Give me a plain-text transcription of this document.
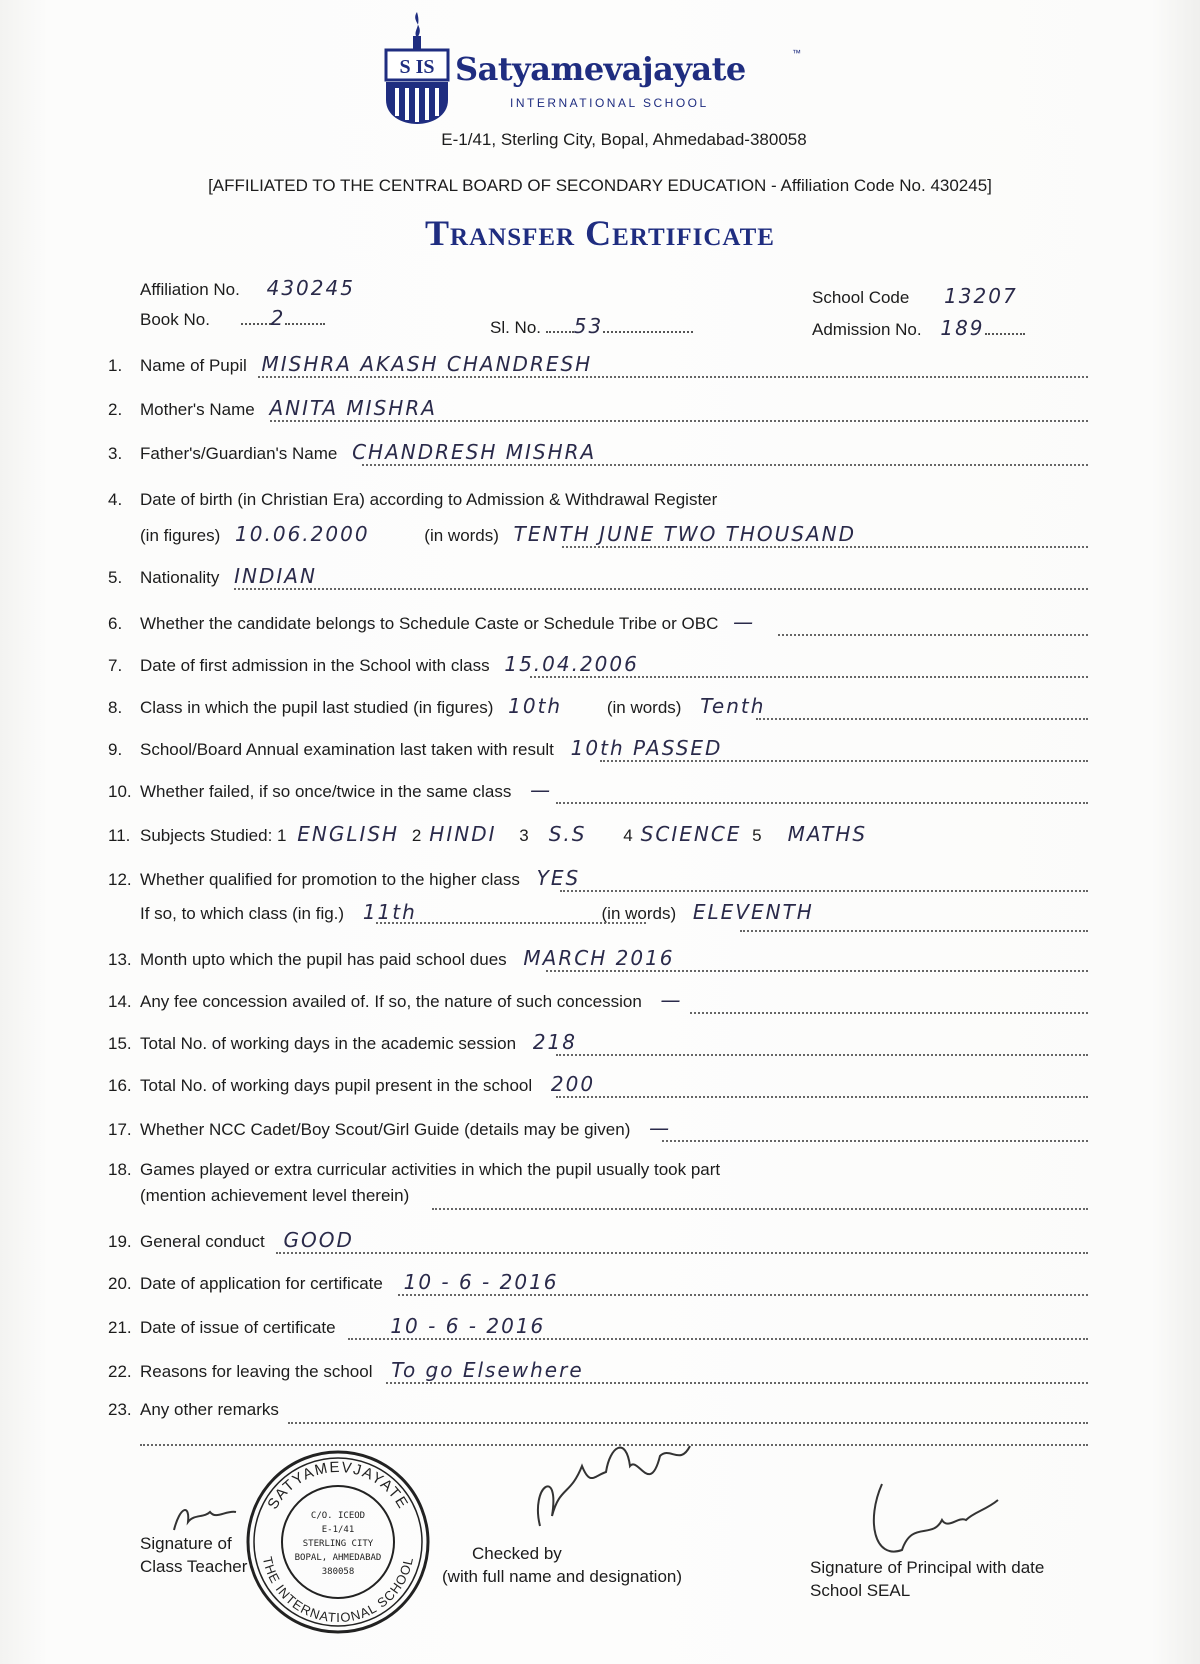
S IS Satyamevajayate	™
INTERNATIONAL SCHOOL
E-1/41, Sterling City, Bopal, Ahmedabad-380058
[AFFILIATED TO THE CENTRAL BOARD OF SECONDARY EDUCATION - Affiliation Code No. 430245]
Transfer Certificate
Affiliation No. 430245
Book No.	2	Sl. No. 53
School Code 13207
Admission No. 189
1. Name of Pupil MISHRA AKASH CHANDRESH
2. Mother's Name ANITA MISHRA
3. Father's/Guardian's Name CHANDRESH MISHRA
4. Date of birth (in Christian Era) according to Admission & Withdrawal Register
(in figures) 10.06.2000	(in words) TENTH JUNE TWO THOUSAND
5. Nationality INDIAN
6. Whether the candidate belongs to Schedule Caste or Schedule Tribe or OBC —
7. Date of first admission in the School with class 15.04.2006
8. Class in which the pupil last studied (in figures) 10th	(in words) Tenth
9. School/Board Annual examination last taken with result 10th PASSED
10. Whether failed, if so once/twice in the same class —
11. Subjects Studied: 1 ENGLISH 2 HINDI 3 S.S 4 SCIENCE 5 MATHS
12. Whether qualified for promotion to the higher class YES
If so, to which class (in fig.) 11th	(in words) ELEVENTH
13. Month upto which the pupil has paid school dues MARCH 2016
14. Any fee concession availed of. If so, the nature of such concession —
15. Total No. of working days in the academic session 218
16. Total No. of working days pupil present in the school 200
17. Whether NCC Cadet/Boy Scout/Girl Guide (details may be given) —
18. Games played or extra curricular activities in which the pupil usually took part
(mention achievement level therein)
19. General conduct GOOD
20. Date of application for certificate 10 - 6 - 2016
21. Date of issue of certificate	10 - 6 - 2016
22. Reasons for leaving the school To go Elsewhere
23. Any other remarks
SATYAMEVJAYATE
THE INTERNATIONAL SCHOOL
C/O. ICEOD
E-1/41
STERLING CITY
BOPAL, AHMEDABAD
380058
Signature of Class Teacher
Checked by
(with full name and designation)	Signature of Principal with date
School SEAL
